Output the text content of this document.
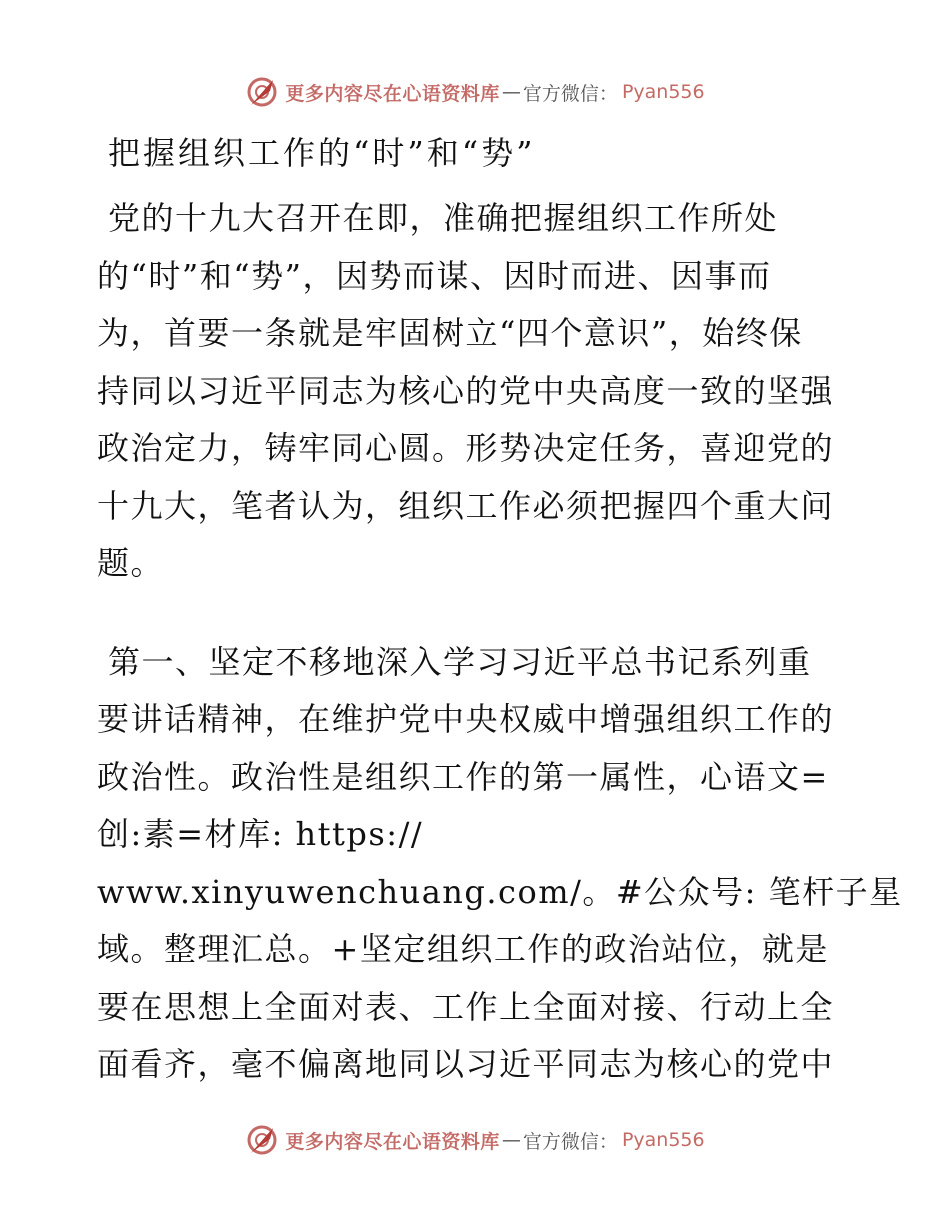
更多内容尽在心语资料库 — 官方微信： Pyan556
把握组织工作的“时”和“势”
党的十九大召开在即，准确把握组织工作所处
的“时”和“势”，因势而谋、因时而进、因事而
为，首要一条就是牢固树立“四个意识”，始终保
持同以习近平同志为核心的党中央高度一致的坚强
政治定力，铸牢同心圆。形势决定任务，喜迎党的
十九大，笔者认为，组织工作必须把握四个重大问
题。
第一、坚定不移地深入学习习近平总书记系列重
要讲话精神，在维护党中央权威中增强组织工作的
政治性。政治性是组织工作的第一属性，心语文=
创:素=材库: https://
www.xinyuwenchuang.com/。#公众号: 笔杆子星
域。整理汇总。+坚定组织工作的政治站位，就是
要在思想上全面对表、工作上全面对接、行动上全
面看齐，毫不偏离地同以习近平同志为核心的党中
更多内容尽在心语资料库 — 官方微信： Pyan556
